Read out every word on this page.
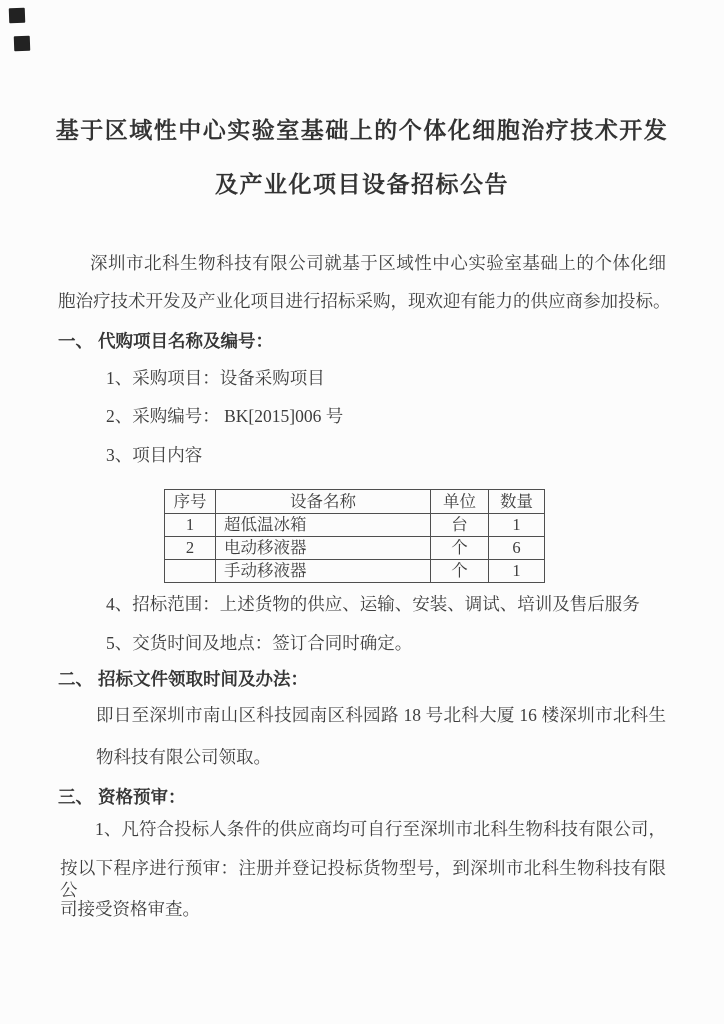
基于区域性中心实验室基础上的个体化细胞治疗技术开发
及产业化项目设备招标公告
深圳市北科生物科技有限公司就基于区域性中心实验室基础上的个体化细
胞治疗技术开发及产业化项目进行招标采购，现欢迎有能力的供应商参加投标。
一、 代购项目名称及编号：
1、采购项目：设备采购项目
2、采购编号： BK[2015]006 号
3、项目内容
序号	设备名称	单位	数量
1	超低温冰箱	台	1
2	电动移液器	个	6
	手动移液器	个	1
4、招标范围：上述货物的供应、运输、安装、调试、培训及售后服务
5、交货时间及地点：签订合同时确定。
二、 招标文件领取时间及办法：
即日至深圳市南山区科技园南区科园路 18 号北科大厦 16 楼深圳市北科生
物科技有限公司领取。
三、 资格预审：
1、凡符合投标人条件的供应商均可自行至深圳市北科生物科技有限公司，
按以下程序进行预审：注册并登记投标货物型号，到深圳市北科生物科技有限公
司接受资格审查。
